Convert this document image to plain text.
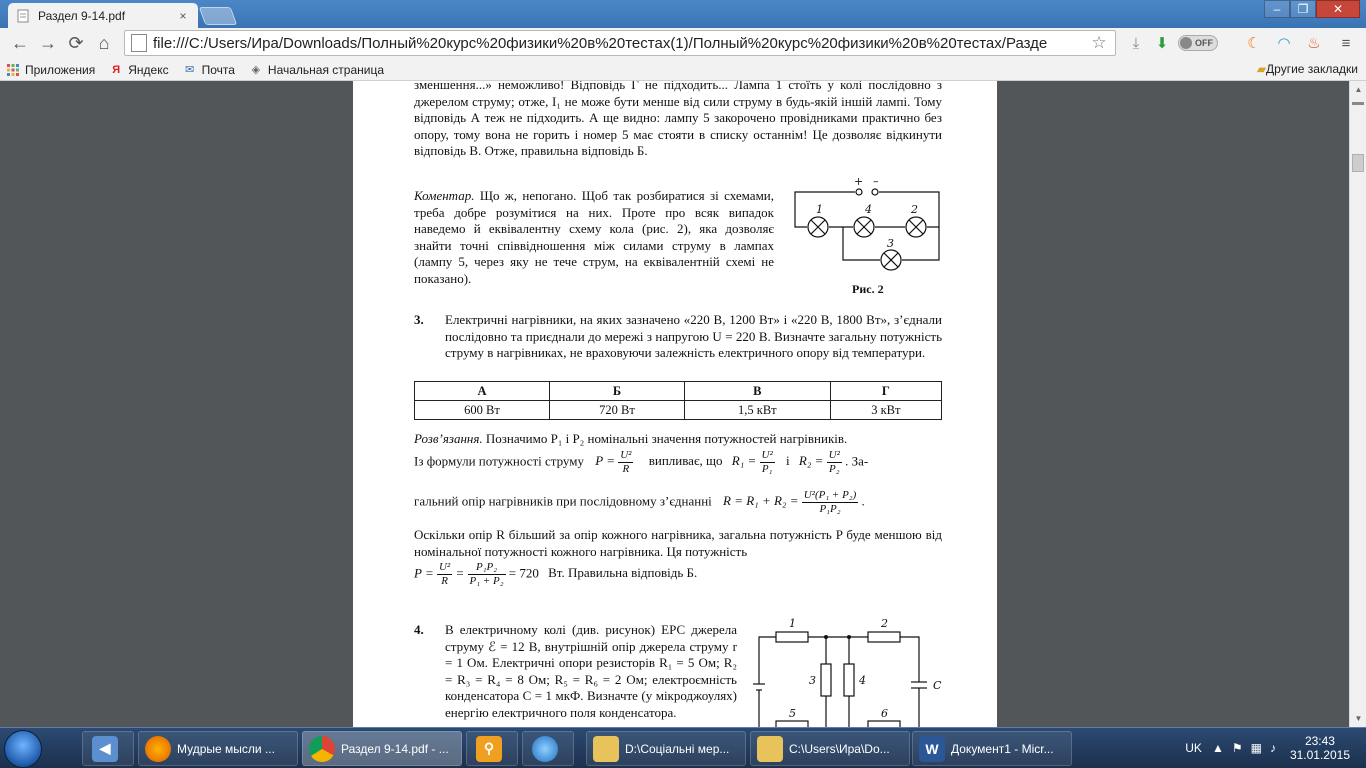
Раздел 9-14.pdf	×	‒	❐	✕
← → ⟳ ⌂	file:///C:/Users/Ира/Downloads/Полный%20курс%20физики%20в%20тестах(1)/Полный%20курс%20физики%20в%20тестах/Разде	☆	⤓	⬇	OFF	☾	◠	♨	≡
Приложения Я Яндекс ✉ Почта ◈ Начальная страница	▰ Другие закладки
зменшення...» неможливо! Відповідь Г не підходить... Лампа 1 стоїть у колі послідовно з джерелом струму; отже, I₁ не може бути менше від сили струму в будь-якій іншій лампі. Тому відповідь А теж не підходить. А ще видно: лампу 5 закорочено провідниками практично без опору, тому вона не горить і номер 5 має стояти в списку останнім! Це дозволяє відкинути відповідь В. Отже, правильна відповідь Б.
Коментар. Що ж, непогано. Щоб так розбиратися зі схемами, треба добре розумітися на них. Проте про всяк випадок наведемо й еквівалентну схему кола (рис. 2), яка дозволяє знайти точні співвідношення між силами струму в лампах (лампу 5, через яку не тече струм, на еквівалентній схемі не показано).
+ –
1	4	2
3
Рис. 2
3. Електричні нагрівники, на яких зазначено «220 В, 1200 Вт» і «220 В, 1800 Вт», з’єднали послідовно та приєднали до мережі з напругою U = 220 В. Визначте загальну потужність струму в нагрівниках, не враховуючи залежність електричного опору від температури.
А	Б	В	Г
600 Вт	720 Вт	1,5 кВт	3 кВт
Розв’язання. Позначимо P₁ і P₂ номінальні значення потужностей нагрівників.
Із формули потужності струму $P = \frac{\text{U²}}{R}$ випливає, що $R_1 = \frac{\text{U²}}{\text{P₁}}$ і $R_2 = \frac{\text{U²}}{\text{P₂}}$ . За-
гальний опір нагрівників при послідовному з’єднанні $R = R_1 + R_2 = \frac{\text{U²(P₁ + P₂)}}{\text{P₁P₂}}$ .
Оскільки опір R більший за опір кожного нагрівника, загальна потужність P буде меншою від номінальної потужності кожного нагрівника. Ця потужність
$P = \frac{\text{U²}}{R} = \frac{\text{P₁P₂}}{\text{P₁ + P₂}} = 720$ Вт. Правильна відповідь Б.
4. В електричному колі (див. рисунок) ЕРС джерела струму ℰ = 12 В, внутрішній опір джерела струму r = 1 Ом. Електричні опори резисторів R₁ = 5 Ом; R₂ = R₃ = R₄ = 8 Ом; R₅ = R₆ = 2 Ом; електроємність конденсатора C = 1 мкФ. Визначте (у мікроджоулях) енергію електричного поля конденсатора.
1	2
3	4
5	6
C
▲
▼
◀	Мудрые мысли ...	Раздел 9-14.pdf - ...	⚲	D:\Соціальні мер...	C:\Users\Ира\Do...	W	Документ1 - Micr...	UK ▲ ⚑ ▦ ♪	23:43
31.01.2015
